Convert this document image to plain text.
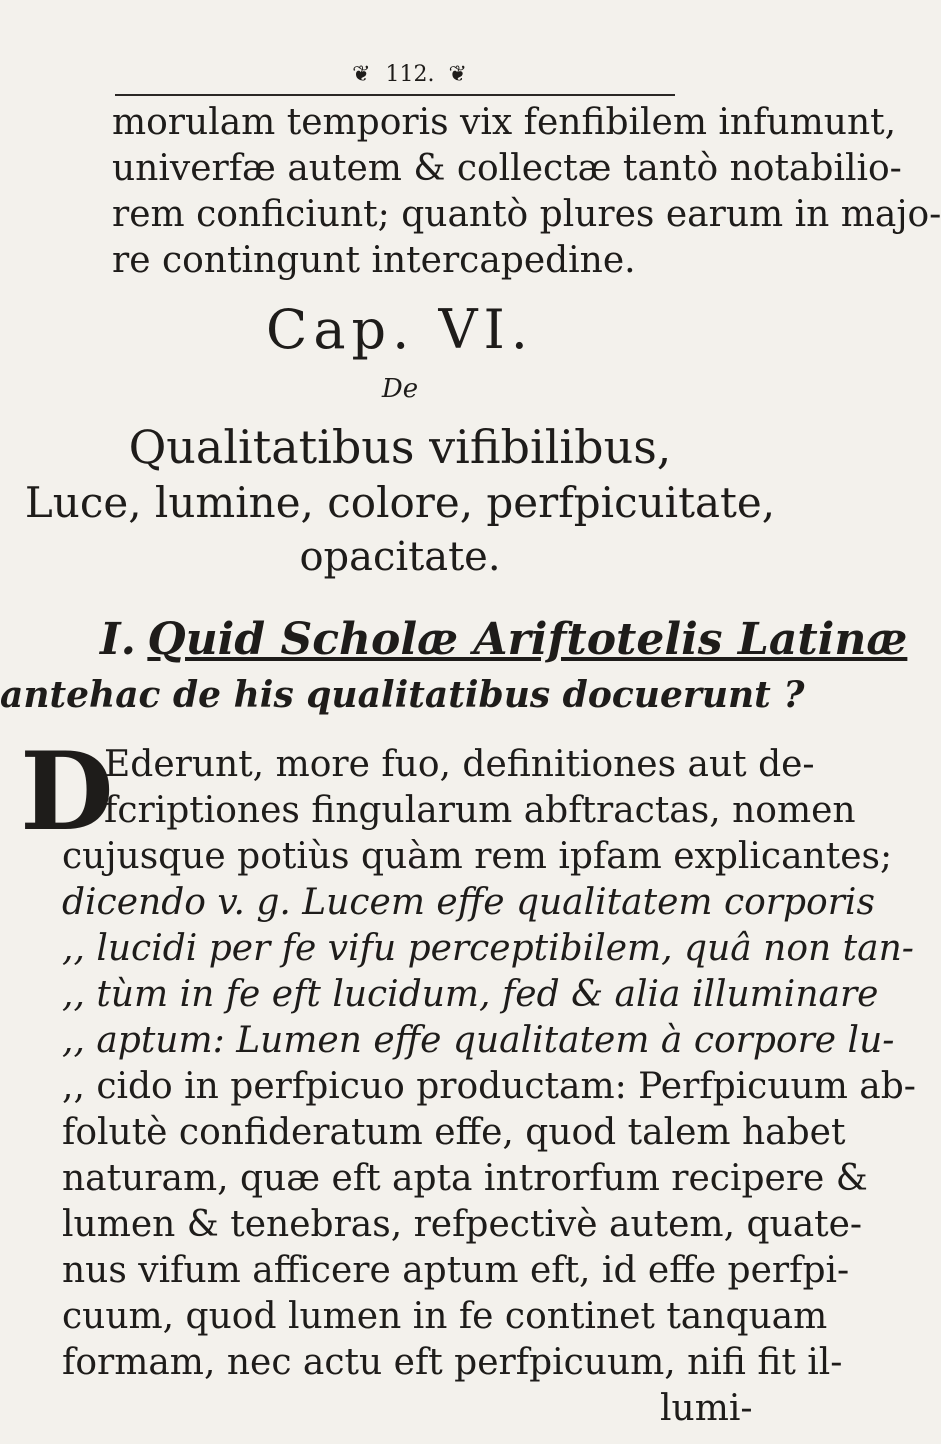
❦ 112. ❦
morulam temporis vix fenfibilem infumunt,
univerfæ autem & collectæ tantò notabilio-
rem conficiunt; quantò plures earum in majo-
re contingunt intercapedine.
Cap. VI.
De
Qualitatibus vifibilibus,
Luce, lumine, colore, perfpicuitate,
opacitate.
I. Quid Scholæ Ariftotelis Latinæ
antehac de his qualitatibus docuerunt ?
D
Ederunt, more fuo, definitiones aut de-
fcriptiones fingularum abftractas, nomen
cujusque potiùs quàm rem ipfam explicantes;
dicendo v. g. Lucem effe qualitatem corporis
,, lucidi per fe vifu perceptibilem, quâ non tan-
,, tùm in fe eft lucidum, fed & alia illuminare
,, aptum: Lumen effe qualitatem à corpore lu-
,, cido in perfpicuo productam: Perfpicuum ab-
folutè confideratum effe, quod talem habet
naturam, quæ eft apta introrfum recipere &
lumen & tenebras, refpectivè autem, quate-
nus vifum afficere aptum eft, id effe perfpi-
cuum, quod lumen in fe continet tanquam
formam, nec actu eft perfpicuum, nifi fit il-
lumi-
